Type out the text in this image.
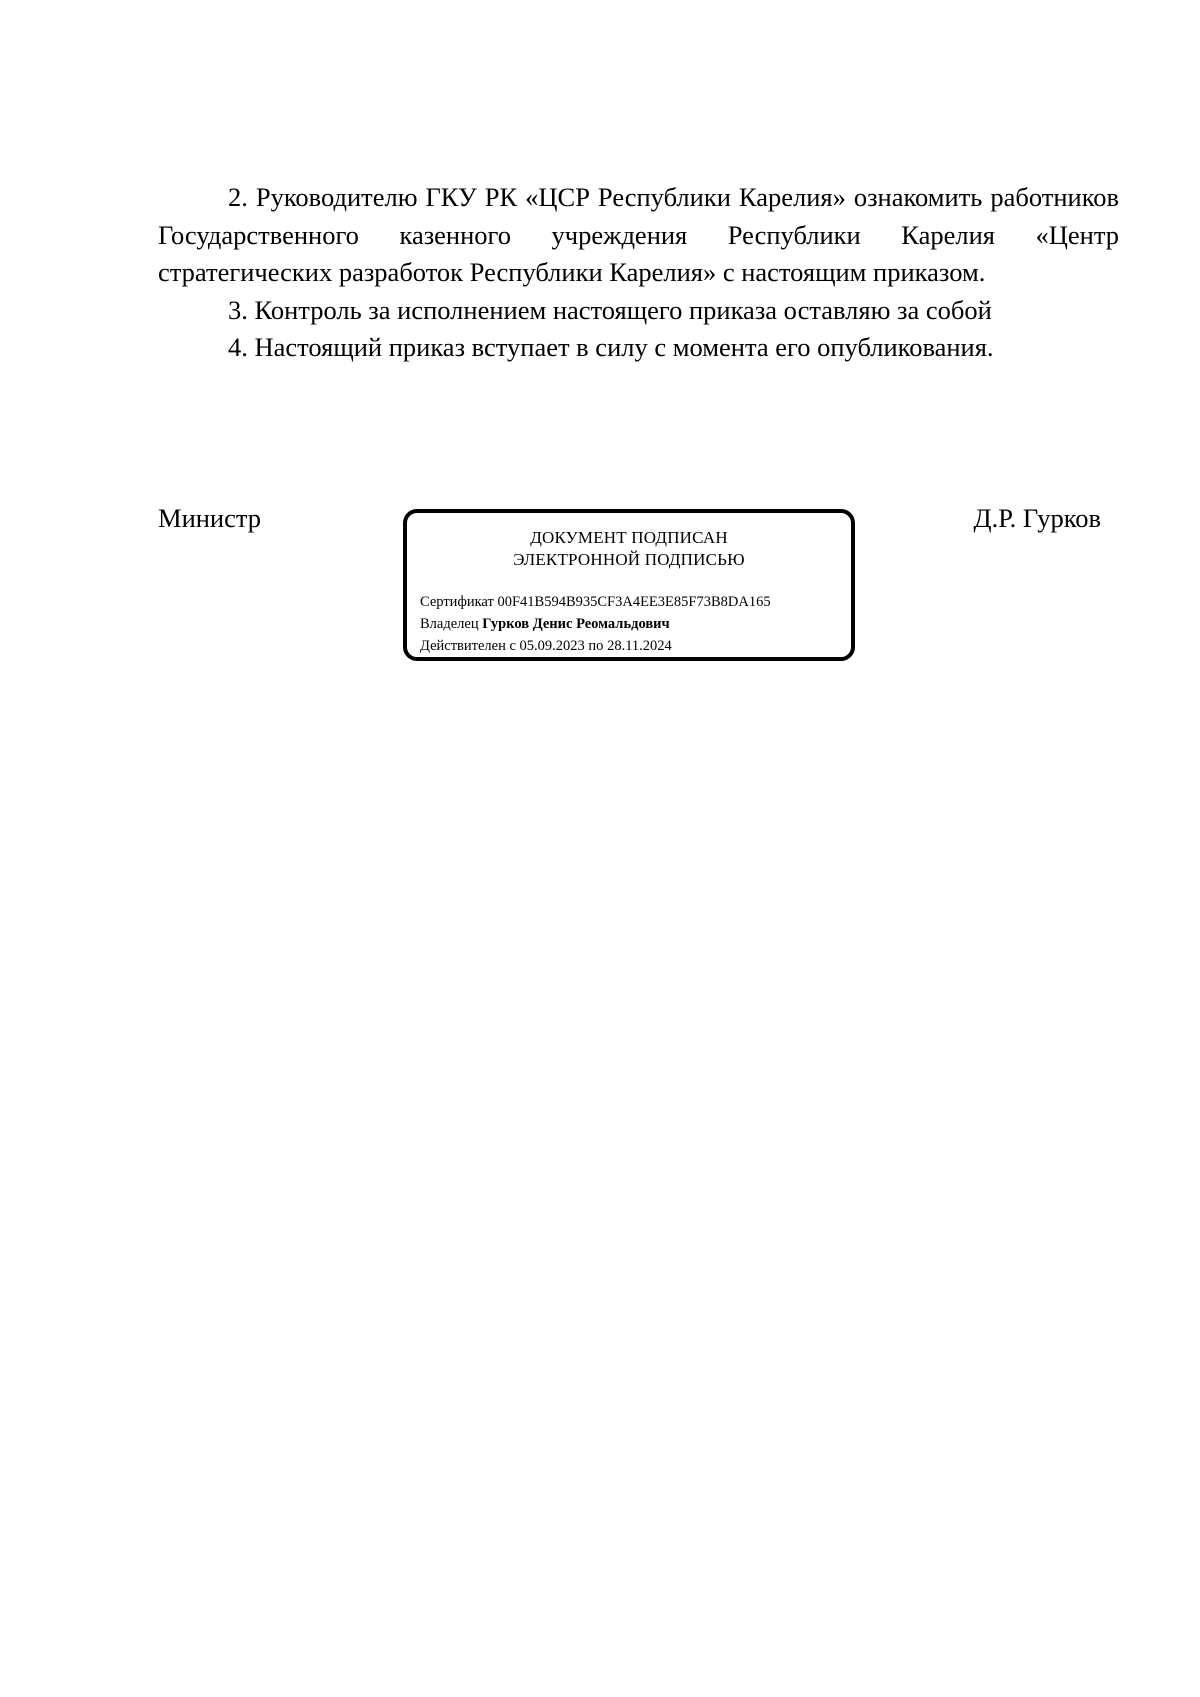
2. Руководителю ГКУ РК «ЦСР Республики Карелия» ознакомить работников Государственного казенного учреждения Республики Карелия «Центр стратегических разработок Республики Карелия» с настоящим приказом.

3. Контроль за исполнением настоящего приказа оставляю за собой

4. Настоящий приказ вступает в силу с момента его опубликования.

Министр
ДОКУМЕНТ ПОДПИСАН
ЭЛЕКТРОННОЙ ПОДПИСЬЮ
Сертификат 00F41B594B935CF3A4EE3E85F73B8DA165
Владелец Гурков Денис Реомальдович
Действителен с 05.09.2023 по 28.11.2024
Д.Р. Гурков
